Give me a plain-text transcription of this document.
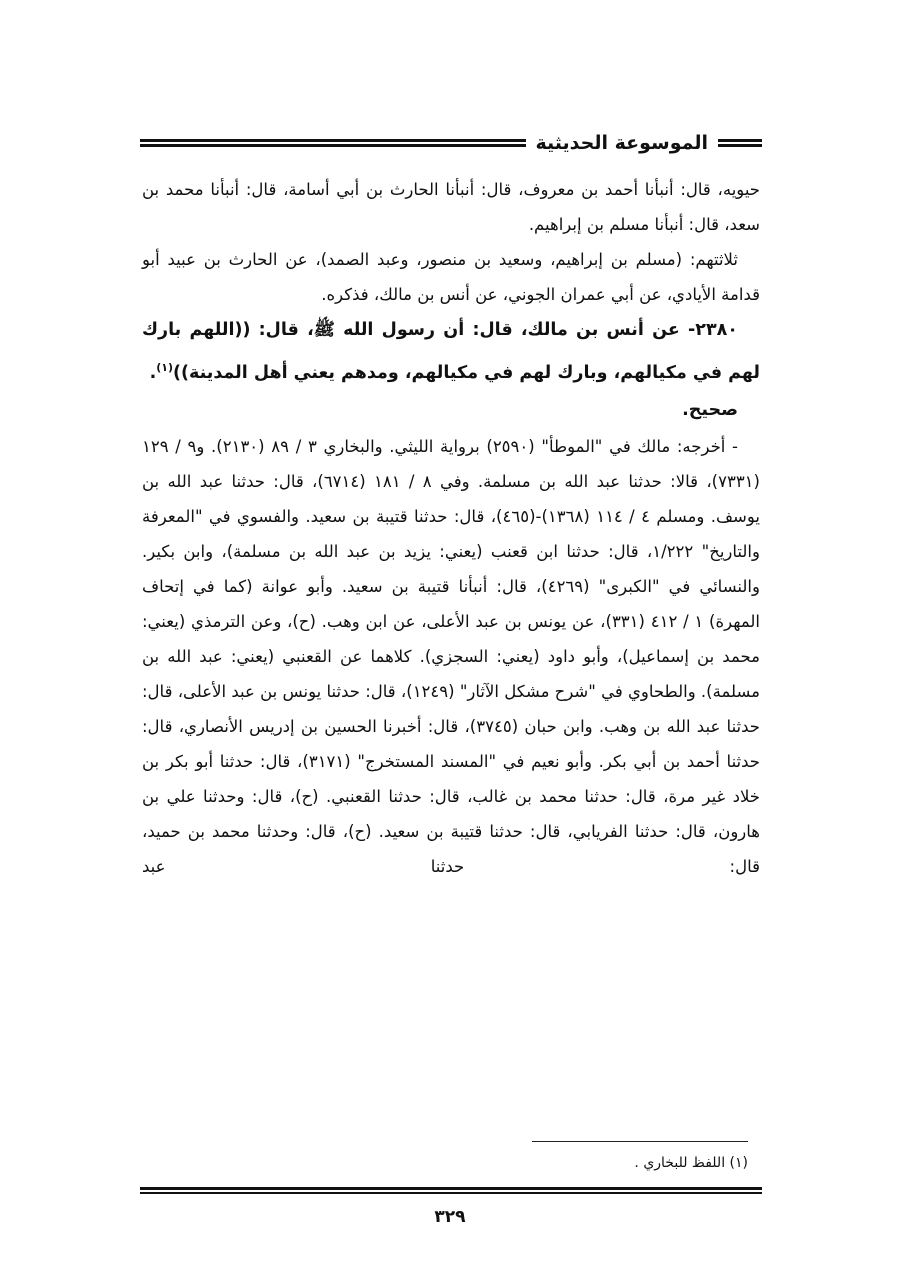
الموسوعة الحديثية

حيويه، قال: أنبأنا أحمد بن معروف، قال: أنبأنا الحارث بن أبي أسامة، قال: أنبأنا محمد بن سعد، قال: أنبأنا مسلم بن إبراهيم.

ثلاثتهم: (مسلم بن إبراهيم، وسعيد بن منصور، وعبد الصمد)، عن الحارث بن عبيد أبو قدامة الأيادي، عن أبي عمران الجوني، عن أنس بن مالك، فذكره.

٢٣٨٠- عن أنس بن مالك، قال: أن رسول الله ﷺ، قال: ((اللهم بارك لهم في مكيالهم، وبارك لهم في مكيالهم، ومدهم يعني أهل المدينة))$^{(١)}$.

صحيح.

- أخرجه: مالك في "الموطأ" (٢٥٩٠) برواية الليثي. والبخاري ٣ / ٨٩ (٢١٣٠). و٩ / ١٢٩ (٧٣٣١)، قالا: حدثنا عبد الله بن مسلمة. وفي ٨ / ١٨١ (٦٧١٤)، قال: حدثنا عبد الله بن يوسف. ومسلم ٤ / ١١٤ (١٣٦٨)-(٤٦٥)، قال: حدثنا قتيبة بن سعيد. والفسوي في "المعرفة والتاريخ" ١/٢٢٢، قال: حدثنا ابن قعنب (يعني: يزيد بن عبد الله بن مسلمة)، وابن بكير. والنسائي في "الكبرى" (٤٢٦٩)، قال: أنبأنا قتيبة بن سعيد. وأبو عوانة (كما في إتحاف المهرة) ١ / ٤١٢ (٣٣١)، عن يونس بن عبد الأعلى، عن ابن وهب. (ح)، وعن الترمذي (يعني: محمد بن إسماعيل)، وأبو داود (يعني: السجزي). كلاهما عن القعنبي (يعني: عبد الله بن مسلمة). والطحاوي في "شرح مشكل الآثار" (١٢٤٩)، قال: حدثنا يونس بن عبد الأعلى، قال: حدثنا عبد الله بن وهب. وابن حبان (٣٧٤٥)، قال: أخبرنا الحسين بن إدريس الأنصاري، قال: حدثنا أحمد بن أبي بكر. وأبو نعيم في "المسند المستخرج" (٣١٧١)، قال: حدثنا أبو بكر بن خلاد غير مرة، قال: حدثنا محمد بن غالب، قال: حدثنا القعنبي. (ح)، قال: وحدثنا علي بن هارون، قال: حدثنا الفريابي، قال: حدثنا قتيبة بن سعيد. (ح)، قال: وحدثنا محمد بن حميد، قال: حدثنا عبد

(١) اللفظ للبخاري .
٣٢٩
